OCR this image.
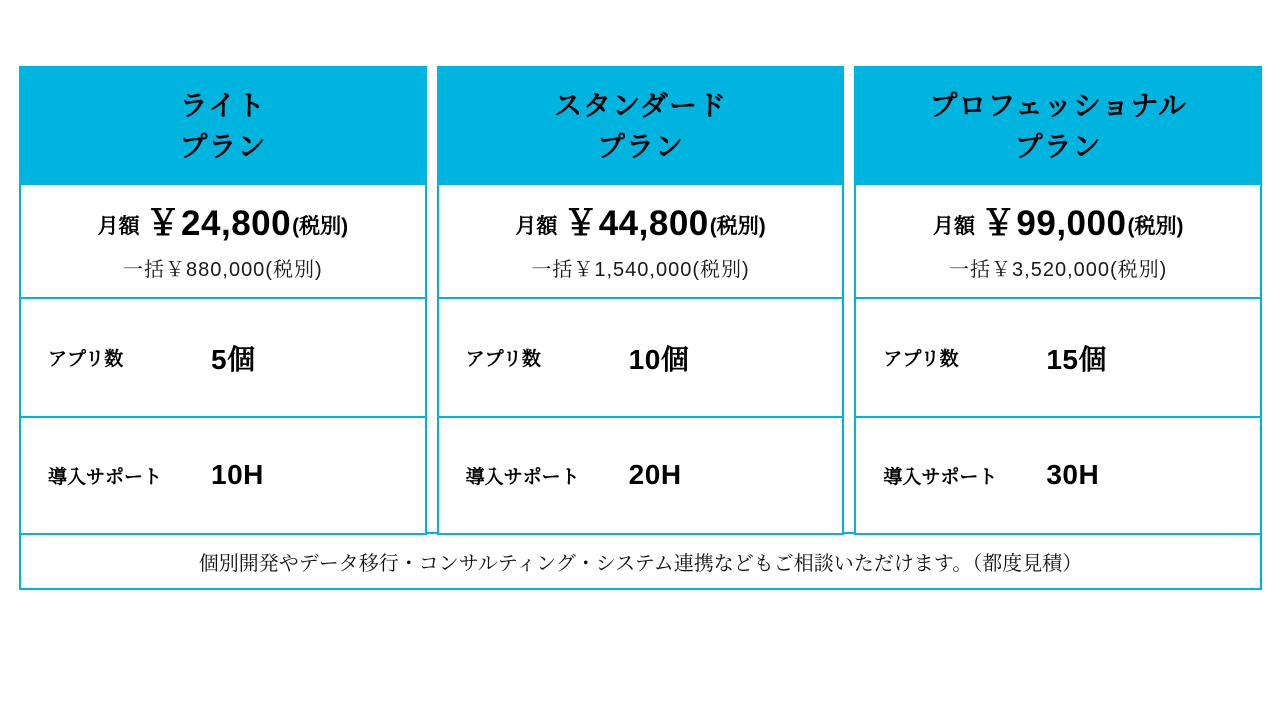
ライト
プラン
月額 ￥24,800(税別)
一括￥880,000(税別)
アプリ数	5個
導入サポート	10H
スタンダード
プラン
月額 ￥44,800(税別)
一括￥1,540,000(税別)
アプリ数	10個
導入サポート	20H
プロフェッショナル
プラン
月額 ￥99,000(税別)
一括￥3,520,000(税別)
アプリ数	15個
導入サポート	30H
個別開発やデータ移行・コンサルティング・システム連携などもご相談いただけます。（都度見積）
